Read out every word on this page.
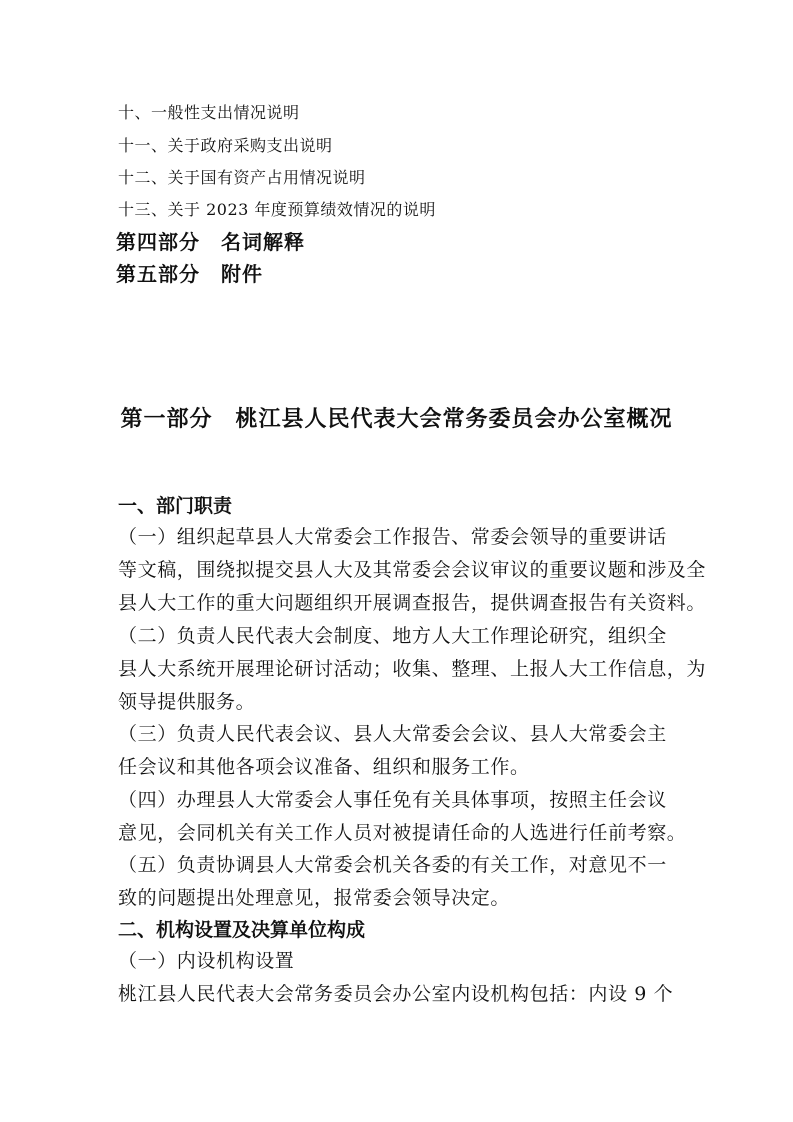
十、一般性支出情况说明
十一、关于政府采购支出说明
十二、关于国有资产占用情况说明
十三、关于 2023 年度预算绩效情况的说明
第四部分　名词解释
第五部分　附件
第一部分　桃江县人民代表大会常务委员会办公室概况
一、部门职责
（一）组织起草县人大常委会工作报告、常委会领导的重要讲话
等文稿，围绕拟提交县人大及其常委会会议审议的重要议题和涉及全
县人大工作的重大问题组织开展调查报告，提供调查报告有关资料。
（二）负责人民代表大会制度、地方人大工作理论研究，组织全
县人大系统开展理论研讨活动；收集、整理、上报人大工作信息，为
领导提供服务。
（三）负责人民代表会议、县人大常委会会议、县人大常委会主
任会议和其他各项会议准备、组织和服务工作。
（四）办理县人大常委会人事任免有关具体事项，按照主任会议
意见，会同机关有关工作人员对被提请任命的人选进行任前考察。
（五）负责协调县人大常委会机关各委的有关工作，对意见不一
致的问题提出处理意见，报常委会领导决定。
二、机构设置及决算单位构成
（一）内设机构设置
桃江县人民代表大会常务委员会办公室内设机构包括：内设 9 个
